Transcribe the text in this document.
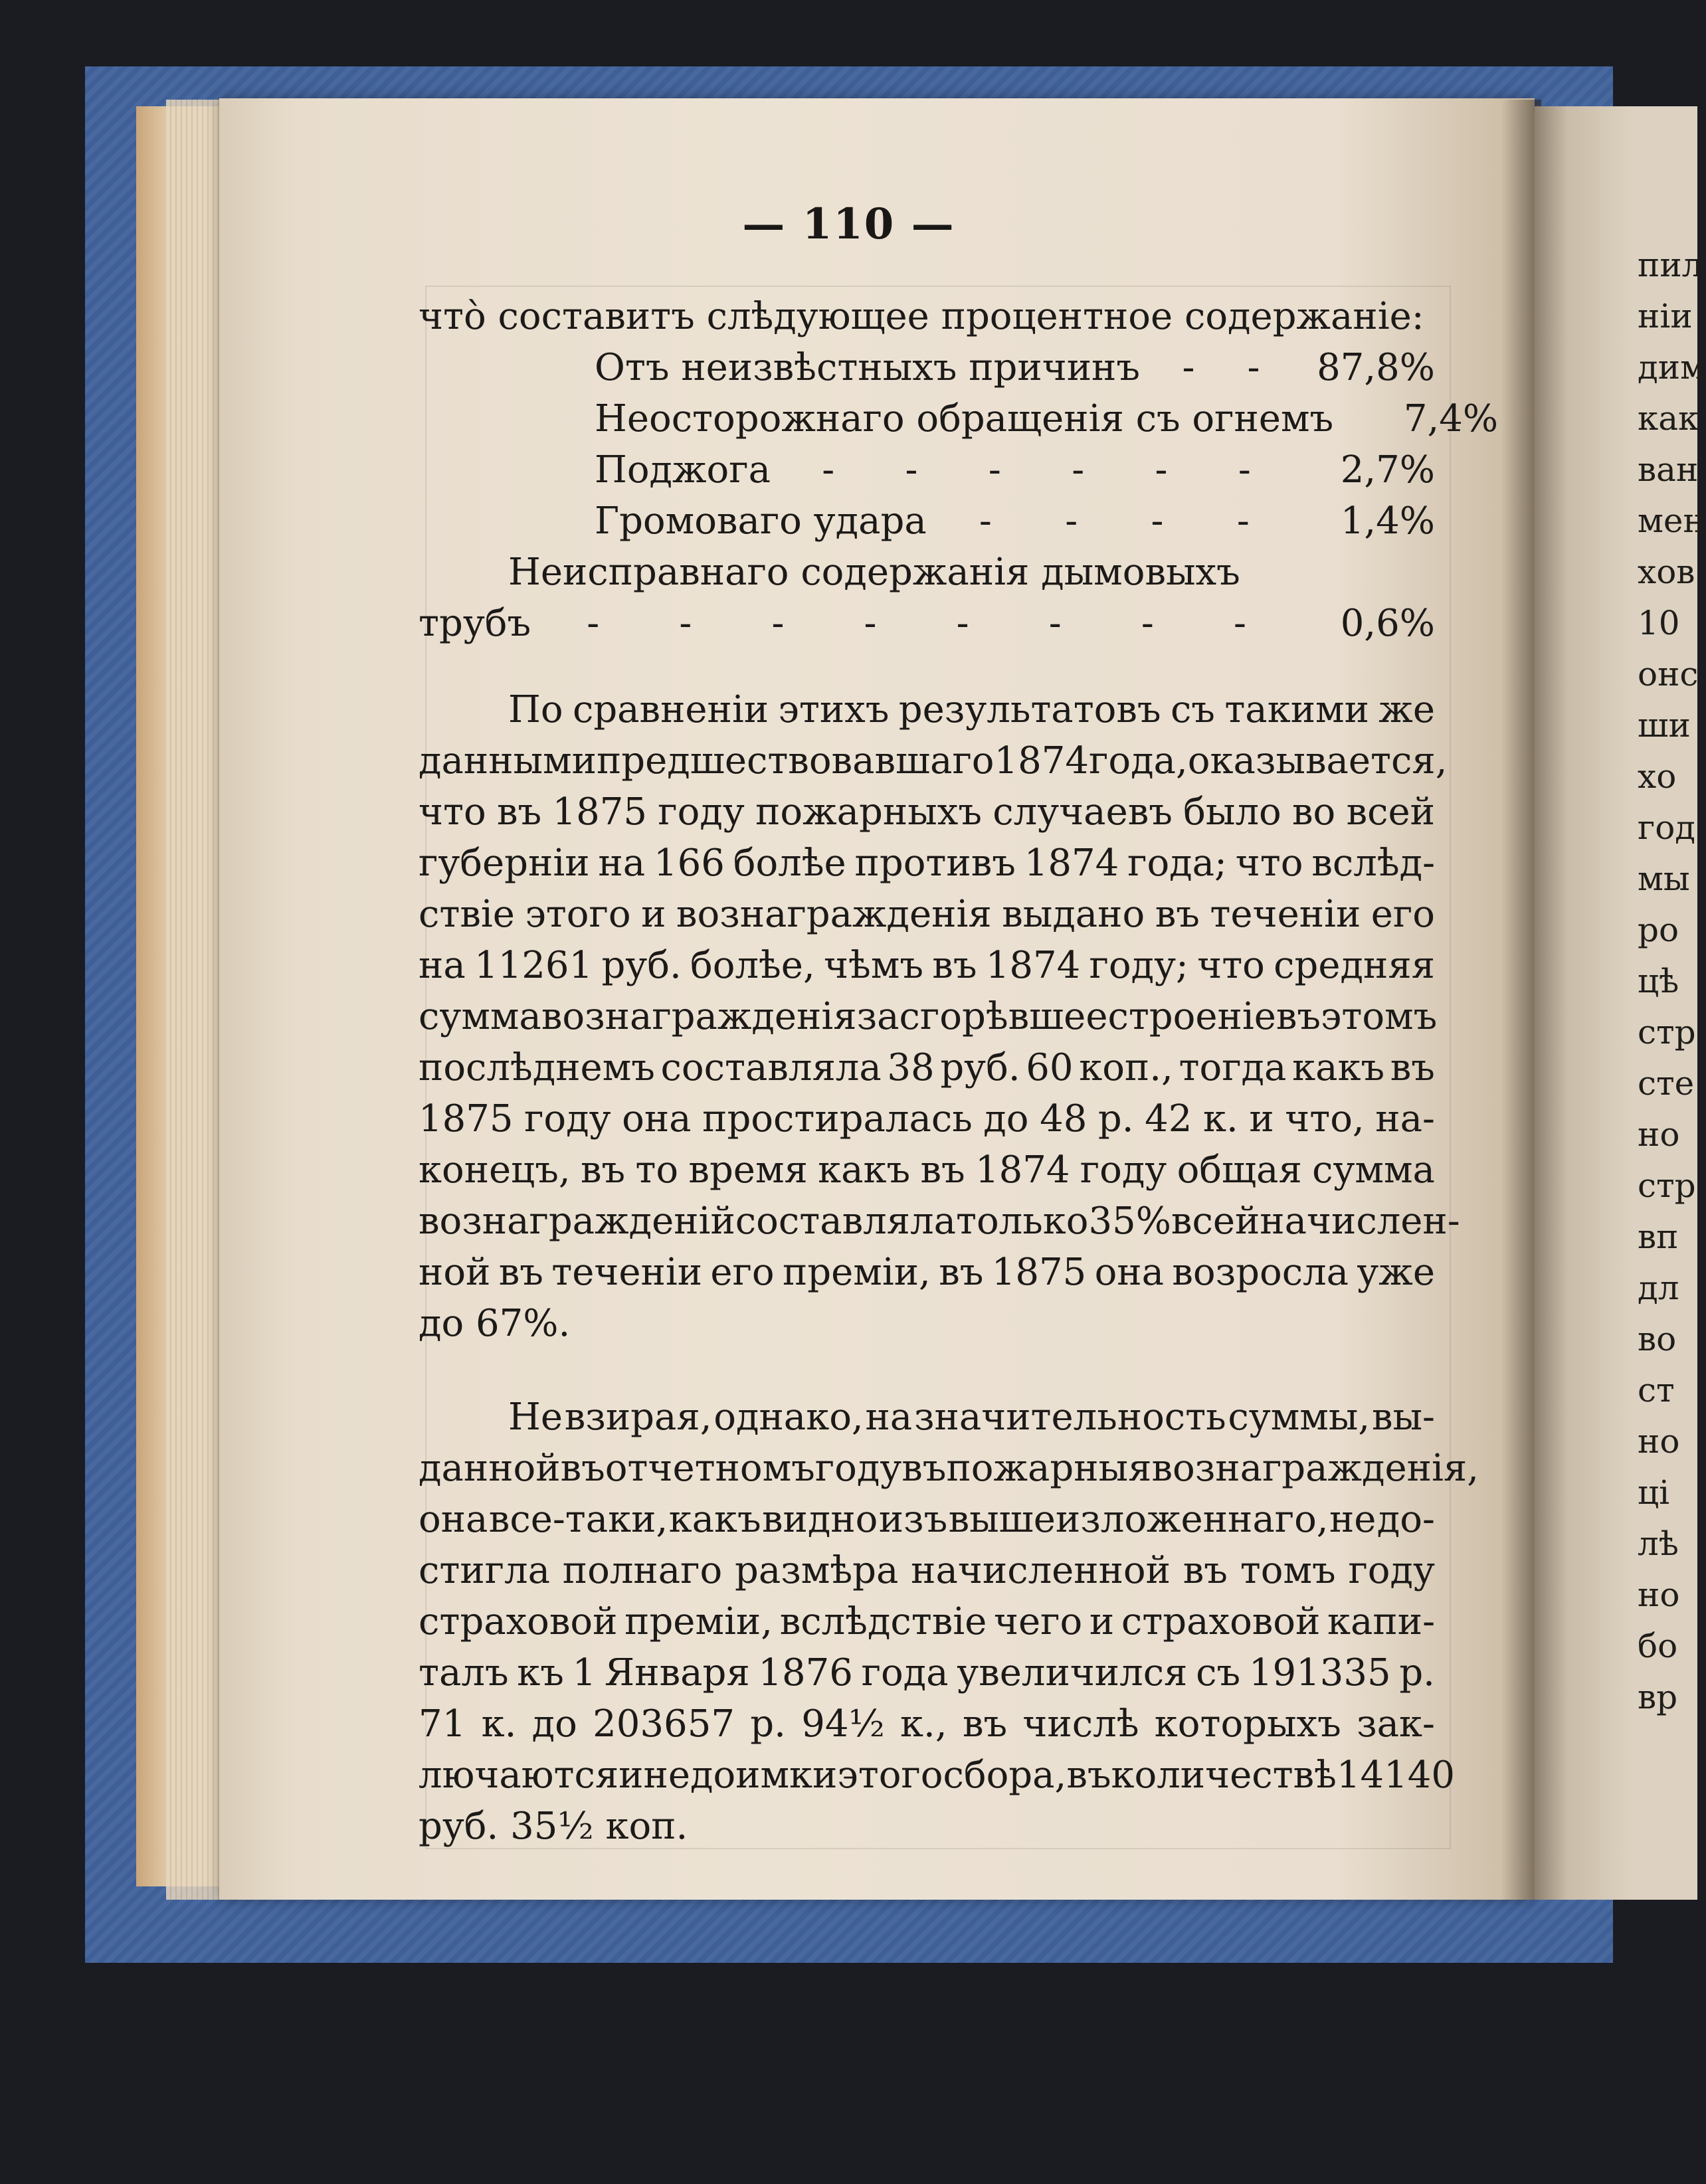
пил
ніи
дим
как
ван
мен
хов
10
онс
ши
хо
год
мы
ро
цѣ
стр
сте
но
стр
вп
дл
во
ст
но
ці
лѣ
но
бо
вр
— 110 —
чтò составитъ слѣдующее процентное содержаніе:
Отъ неизвѣстныхъ причинъ - -	87,8%
Неосторожнаго обращенія съ огнемъ	7,4%
Поджога - - - - - -	2,7%
Громоваго удара - - - -	1,4%
Неисправнаго содержанія дымовыхъ
трубъ - - - - - - - -	0,6%
По сравненіи этихъ результатовъ съ такими же
данными предшествовавшаго 1874 года, оказывается,
что въ 1875 году пожарныхъ случаевъ было во всей
губерніи на 166 болѣе противъ 1874 года; что вслѣд-
ствіе этого и вознагражденія выдано въ теченіи его
на 11261 руб. болѣе, чѣмъ въ 1874 году; что средняя
сумма вознагражденія за сгорѣвшее строеніе въ этомъ
послѣднемъ составляла 38 руб. 60 коп., тогда какъ въ
1875 году она простиралась до 48 р. 42 к. и что, на-
конецъ, въ то время какъ въ 1874 году общая сумма
вознагражденій составляла только 35% всей начислен-
ной въ теченіи его преміи, въ 1875 она возросла уже
до 67%.
Не взирая, однако, на значительность суммы, вы-
данной въ отчетномъ году въ пожарныя вознагражденія,
она все-таки, какъ видно изъ вышеизложеннаго, не до-
стигла полнаго размѣра начисленной въ томъ году
страховой преміи, вслѣдствіе чего и страховой капи-
талъ къ 1 Января 1876 года увеличился съ 191335 р.
71 к. до 203657 р. 94½ к., въ числѣ которыхъ зак-
лючаются и недоимки этого сбора, въ количествѣ 14140
руб. 35½ коп.
